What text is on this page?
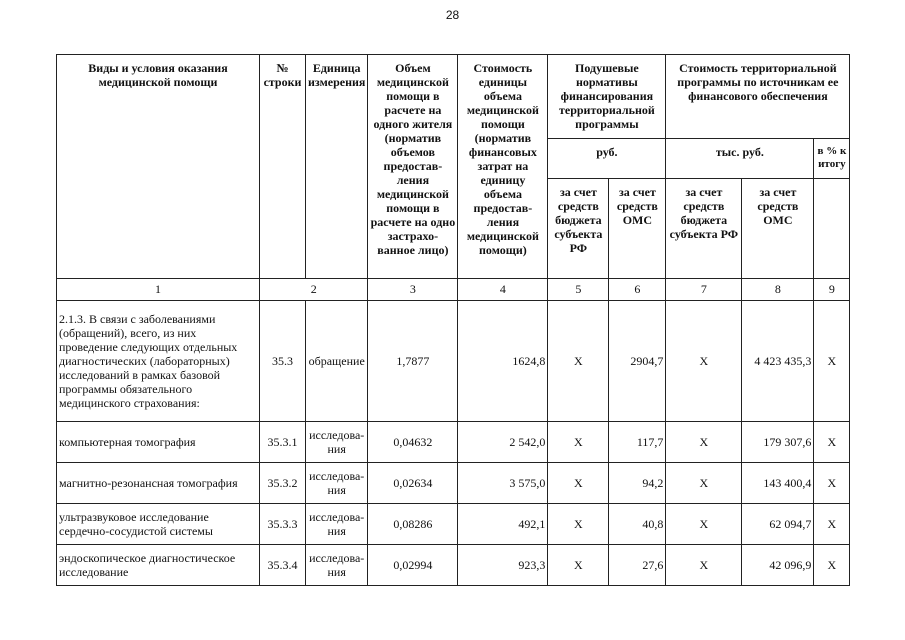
28
Виды и условия оказания медицинской помощи	№ строки	Единица измерения	Объем медицинской помощи в расчете на одного жителя (норматив объемов предостав-ления медицинской помощи в расчете на одно застрахо-ванное лицо)	Стоимость единицы объема медицинской помощи (норматив финансовых затрат на единицу объема предостав-ления медицинской помощи)	Подушевые нормативы финансирования территориальной программы		Стоимость территориальной программы по источникам ее финансового обеспечения		
					руб.		тыс. руб.		в % к итогу
					за счет средств бюджета субъекта РФ	за счет средств ОМС	за счет средств бюджета субъекта РФ	за счет средств ОМС	
1	2		3	4	5	6	7	8	9
2.1.3. В связи с заболеваниями (обращений), всего, из них проведение следующих отдельных диагностических (лабораторных) исследований в рамках базовой программы обязательного медицинского страхования:	35.3	обращение	1,7877	1624,8	Х	2904,7	Х	4 423 435,3	Х
компьютерная томография	35.3.1	исследова-ния	0,04632	2 542,0	Х	117,7	Х	179 307,6	Х
магнитно-резонансная томография	35.3.2	исследова-ния	0,02634	3 575,0	Х	94,2	Х	143 400,4	Х
ультразвуковое исследование сердечно-сосудистой системы	35.3.3	исследова-ния	0,08286	492,1	Х	40,8	Х	62 094,7	Х
эндоскопическое диагностическое исследование	35.3.4	исследова-ния	0,02994	923,3	Х	27,6	Х	42 096,9	Х
